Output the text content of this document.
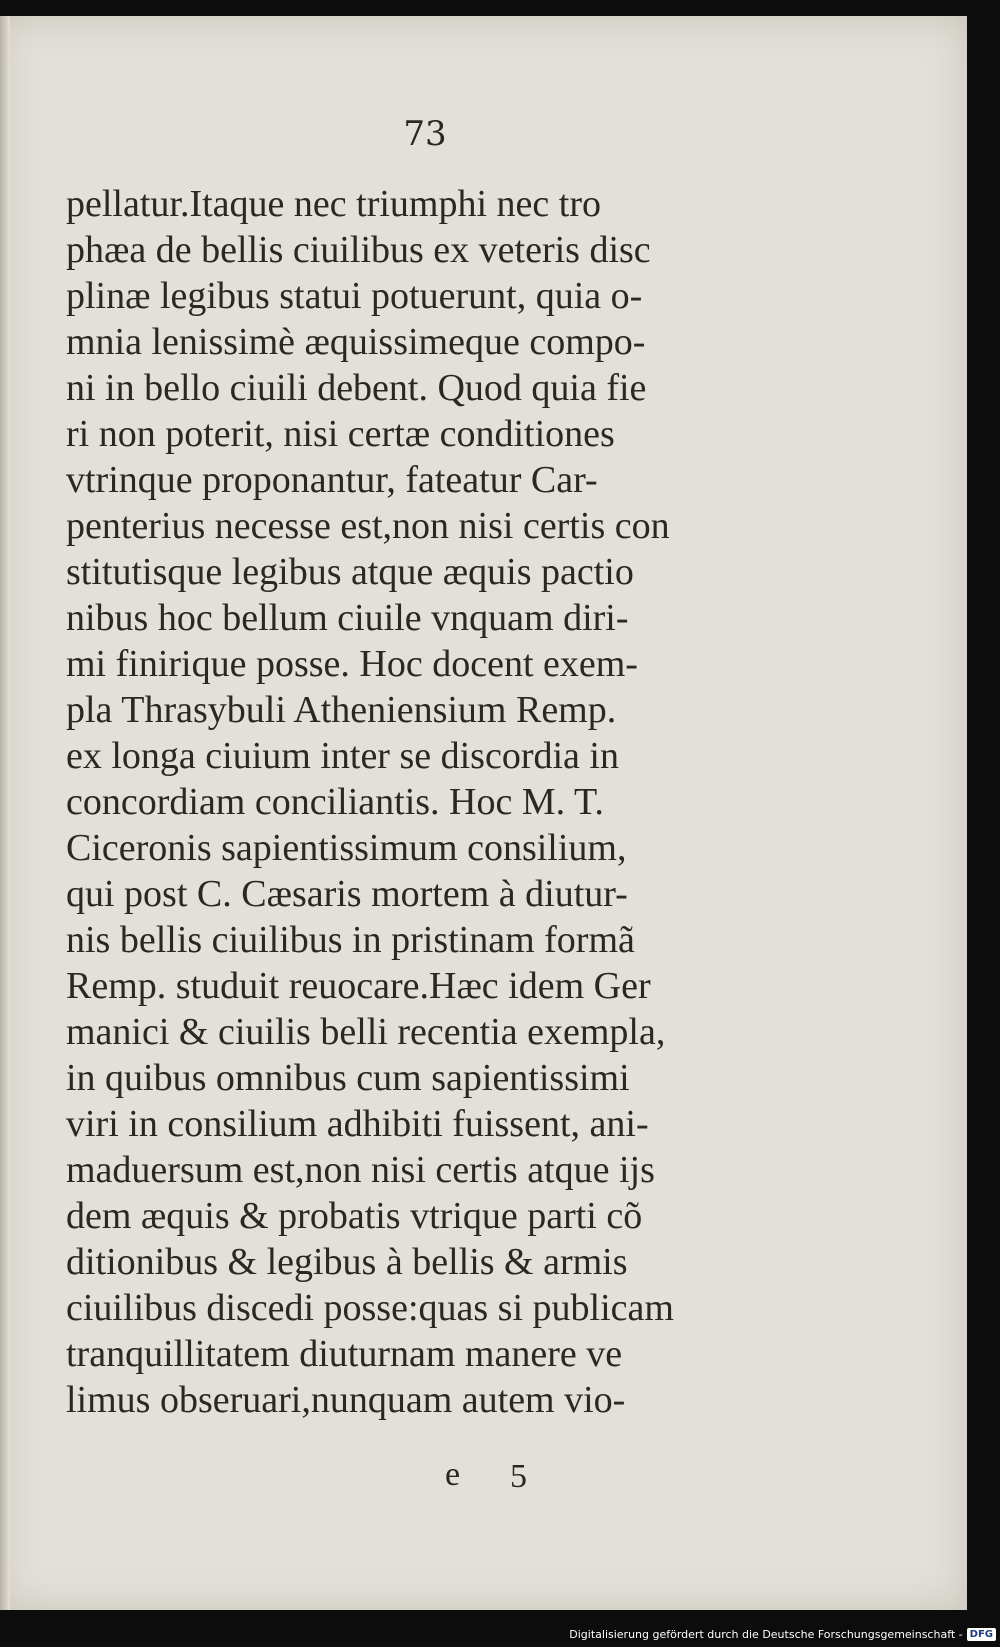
73
pellatur.Itaque nec triumphi nec tro
phæa de bellis ciuilibus ex veteris disc
plinæ legibus statui potuerunt, quia o-
mnia lenissimè æquissimeque compo-
ni in bello ciuili debent. Quod quia fie
ri non poterit, nisi certæ conditiones
vtrinque proponantur, fateatur Car-
penterius necesse est,non nisi certis con
stitutisque legibus atque æquis pactio
nibus hoc bellum ciuile vnquam diri-
mi finirique posse. Hoc docent exem-
pla Thrasybuli Atheniensium Remp.
ex longa ciuium inter se discordia in
concordiam conciliantis. Hoc M. T.
Ciceronis sapientissimum consilium,
qui post C. Cæsaris mortem à diutur-
nis bellis ciuilibus in pristinam formã
Remp. studuit reuocare.Hæc idem Ger
manici & ciuilis belli recentia exempla,
in quibus omnibus cum sapientissimi
viri in consilium adhibiti fuissent, ani-
maduersum est,non nisi certis atque ijs
dem æquis & probatis vtrique parti cõ
ditionibus & legibus à bellis & armis
ciuilibus discedi posse:quas si publicam
tranquillitatem diuturnam manere ve
limus obseruari,nunquam autem vio-
e 5
Digitalisierung gefördert durch die Deutsche Forschungsgemeinschaft - DFG
